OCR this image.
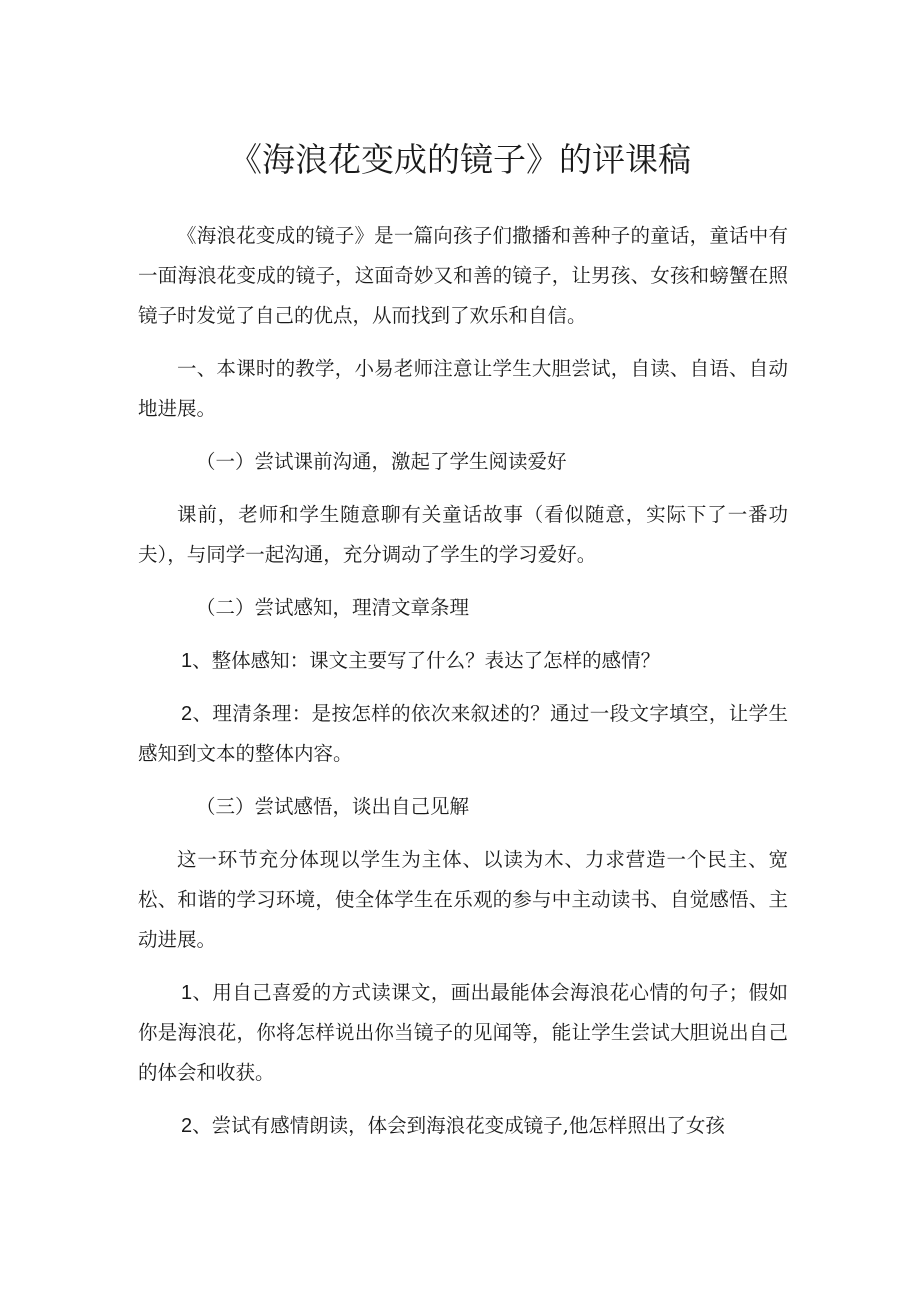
《海浪花变成的镜子》的评课稿

《海浪花变成的镜子》是一篇向孩子们撒播和善种子的童话，童话中有一面海浪花变成的镜子，这面奇妙又和善的镜子，让男孩、女孩和螃蟹在照镜子时发觉了自己的优点，从而找到了欢乐和自信。

一、本课时的教学，小易老师注意让学生大胆尝试，自读、自语、自动地进展。

（一）尝试课前沟通，激起了学生阅读爱好

课前，老师和学生随意聊有关童话故事（看似随意，实际下了一番功夫），与同学一起沟通，充分调动了学生的学习爱好。

（二）尝试感知，理清文章条理

1、整体感知：课文主要写了什么？表达了怎样的感情？

2、理清条理：是按怎样的依次来叙述的？通过一段文字填空，让学生感知到文本的整体内容。

（三）尝试感悟，谈出自己见解

这一环节充分体现以学生为主体、以读为木、力求营造一个民主、宽松、和谐的学习环境，使全体学生在乐观的参与中主动读书、自觉感悟、主动进展。

1、用自己喜爱的方式读课文，画出最能体会海浪花心情的句子；假如你是海浪花，你将怎样说出你当镜子的见闻等，能让学生尝试大胆说出自己的体会和收获。

2、尝试有感情朗读，体会到海浪花变成镜子,他怎样照出了女孩
